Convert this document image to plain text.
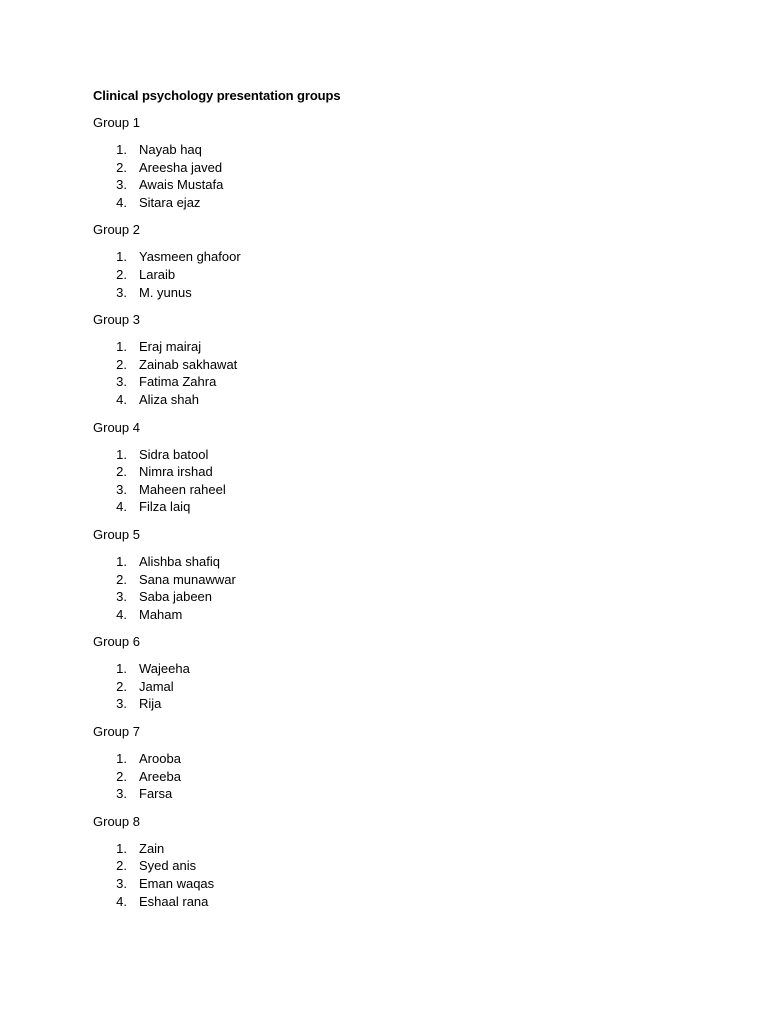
Clinical psychology presentation groups
Group 1
1. Nayab haq
2. Areesha javed
3. Awais Mustafa
4. Sitara ejaz
Group 2
1. Yasmeen ghafoor
2. Laraib
3. M. yunus
Group 3
1. Eraj mairaj
2. Zainab sakhawat
3. Fatima Zahra
4. Aliza shah
Group 4
1. Sidra batool
2. Nimra irshad
3. Maheen raheel
4. Filza laiq
Group 5
1. Alishba shafiq
2. Sana munawwar
3. Saba jabeen
4. Maham
Group 6
1. Wajeeha
2. Jamal
3. Rija
Group 7
1. Arooba
2. Areeba
3. Farsa
Group 8
1. Zain
2. Syed anis
3. Eman waqas
4. Eshaal rana
